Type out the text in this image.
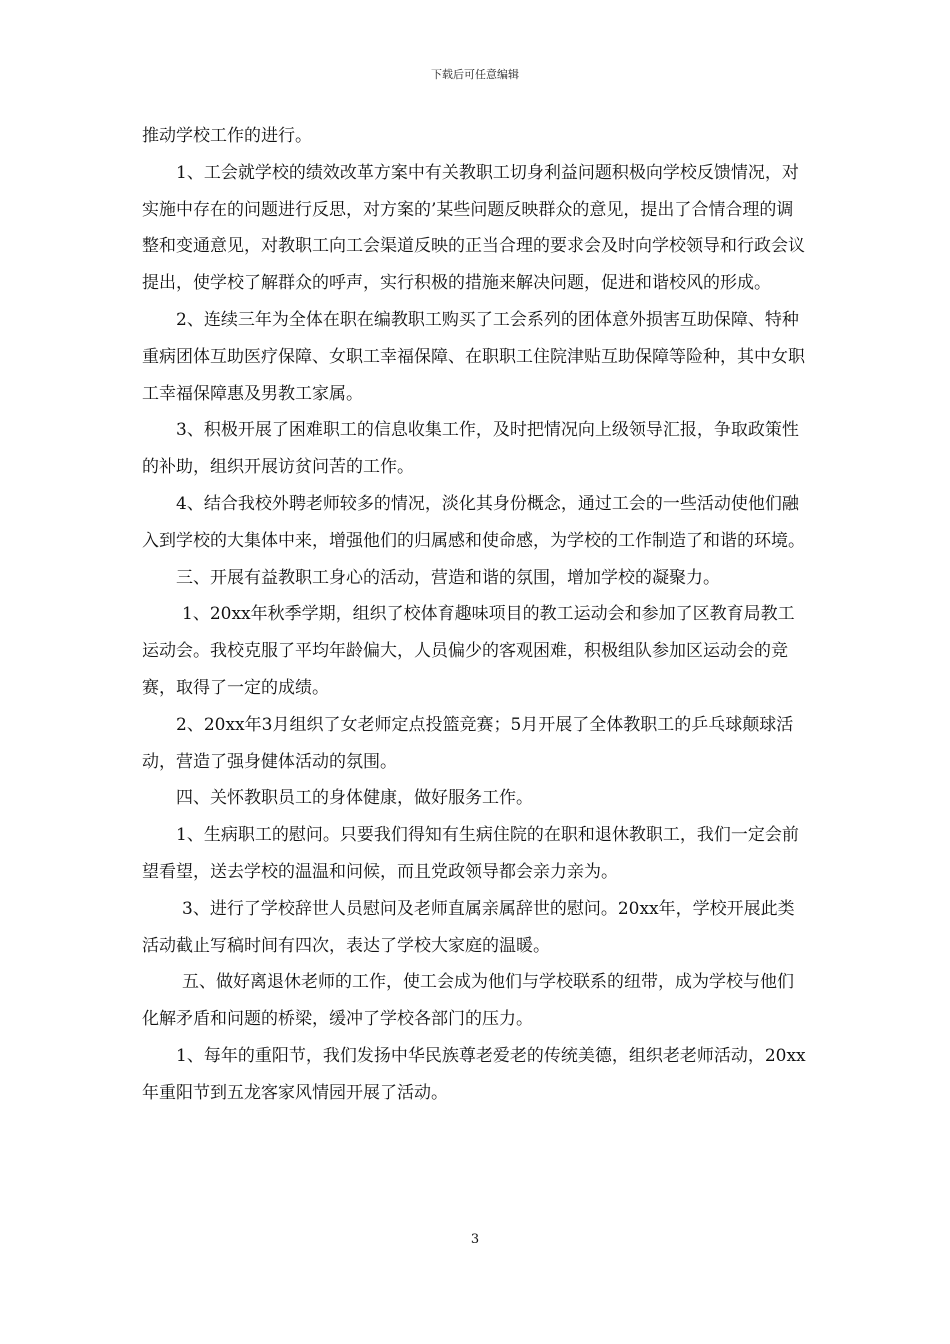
下载后可任意编辑

推动学校工作的进行。

1、工会就学校的绩效改革方案中有关教职工切身利益问题积极向学校反馈情况，对实施中存在的问题进行反思，对方案的’某些问题反映群众的意见，提出了合情合理的调整和变通意见，对教职工向工会渠道反映的正当合理的要求会及时向学校领导和行政会议提出，使学校了解群众的呼声，实行积极的措施来解决问题，促进和谐校风的形成。

2、连续三年为全体在职在编教职工购买了工会系列的团体意外损害互助保障、特种重病团体互助医疗保障、女职工幸福保障、在职职工住院津贴互助保障等险种，其中女职工幸福保障惠及男教工家属。

3、积极开展了困难职工的信息收集工作，及时把情况向上级领导汇报，争取政策性的补助，组织开展访贫问苦的工作。

4、结合我校外聘老师较多的情况，淡化其身份概念，通过工会的一些活动使他们融入到学校的大集体中来，增强他们的归属感和使命感，为学校的工作制造了和谐的环境。

三、开展有益教职工身心的活动，营造和谐的氛围，增加学校的凝聚力。

1、20xx年秋季学期，组织了校体育趣味项目的教工运动会和参加了区教育局教工运动会。我校克服了平均年龄偏大，人员偏少的客观困难，积极组队参加区运动会的竞赛，取得了一定的成绩。

2、20xx年3月组织了女老师定点投篮竞赛；5月开展了全体教职工的乒乓球颠球活动，营造了强身健体活动的氛围。

四、关怀教职员工的身体健康，做好服务工作。

1、生病职工的慰问。只要我们得知有生病住院的在职和退休教职工，我们一定会前望看望，送去学校的温温和问候，而且党政领导都会亲力亲为。

3、进行了学校辞世人员慰问及老师直属亲属辞世的慰问。20xx年，学校开展此类活动截止写稿时间有四次，表达了学校大家庭的温暖。

五、做好离退休老师的工作，使工会成为他们与学校联系的纽带，成为学校与他们化解矛盾和问题的桥梁，缓冲了学校各部门的压力。

1、每年的重阳节，我们发扬中华民族尊老爱老的传统美德，组织老老师活动，20xx年重阳节到五龙客家风情园开展了活动。

3
